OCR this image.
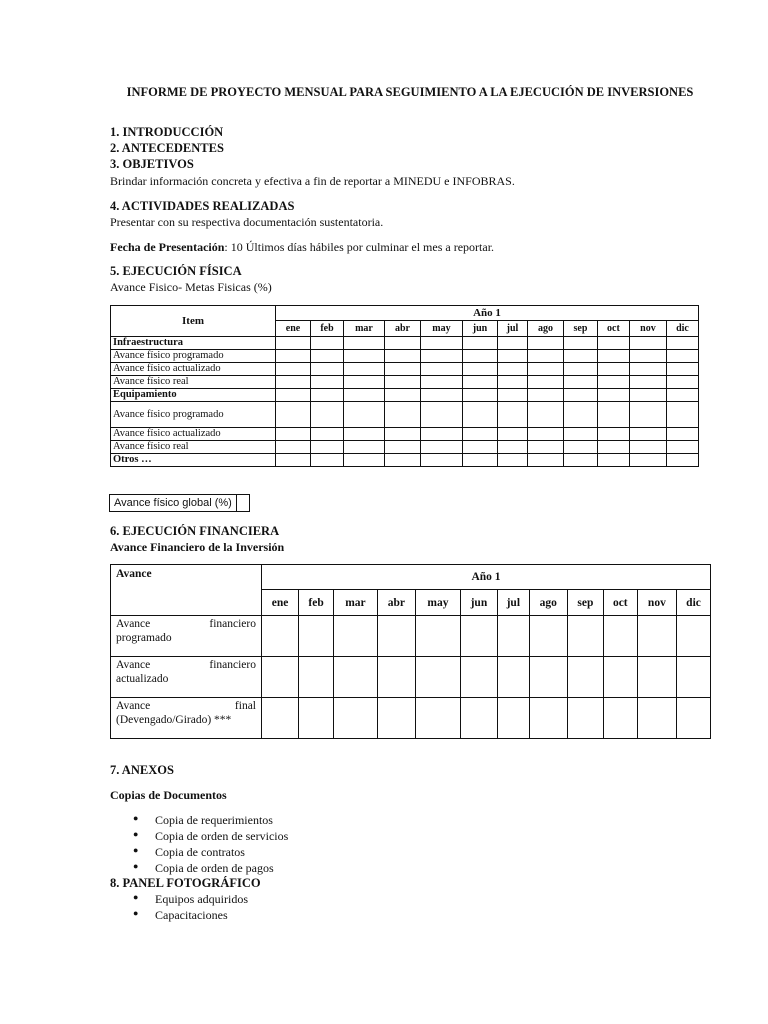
INFORME DE PROYECTO MENSUAL PARA SEGUIMIENTO A LA EJECUCIÓN DE INVERSIONES
1. INTRODUCCIÓN
2. ANTECEDENTES
3. OBJETIVOS
Brindar información concreta y efectiva a fin de reportar a MINEDU e INFOBRAS.
4. ACTIVIDADES REALIZADAS
Presentar con su respectiva documentación sustentatoria.
Fecha de Presentación: 10 Últimos días hábiles por culminar el mes a reportar.
5. EJECUCIÓN FÍSICA
Avance Fisico- Metas Fisicas (%)
Item	Año 1											
	ene	feb	mar	abr	may	jun	jul	ago	sep	oct	nov	dic
Infraestructura												
Avance físico programado												
Avance físico actualizado												
Avance físico real												
Equipamiento												
Avance físico programado												
Avance físico actualizado												
Avance físico real												
Otros …												
Avance físico global (%)
6. EJECUCIÓN FINANCIERA
Avance Financiero de la Inversión
Avance	Año 1											
	ene	feb	mar	abr	may	jun	jul	ago	sep	oct	nov	dic

Avance financiero
programado												

Avance financiero
actualizado												

Avance final
(Devengado/Girado) ***												

7. ANEXOS
Copias de Documentos
● Copia de requerimientos
● Copia de orden de servicios
● Copia de contratos
● Copia de orden de pagos
8. PANEL FOTOGRÁFICO
● Equipos adquiridos
● Capacitaciones
